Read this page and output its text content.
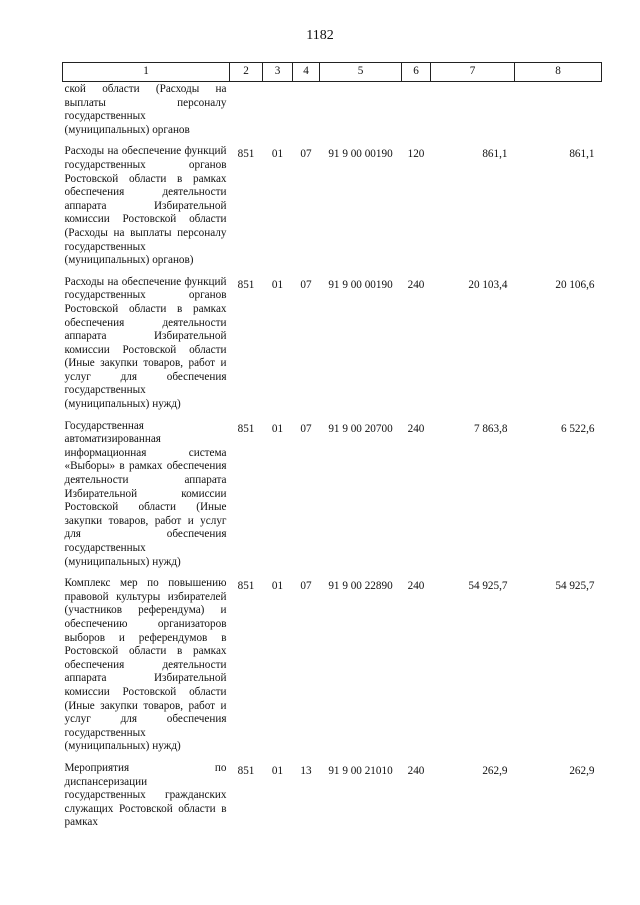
1182
1	2	3	4	5	6	7	8
ской области (Расходы на выплаты персоналу государственных (муниципальных) органов							
Расходы на обеспечение функций государственных органов Ростовской области в рамках обеспечения деятельности аппарата Избирательной комиссии Ростовской области (Расходы на выплаты персоналу государственных (муниципальных) органов)	851	01	07	91 9 00 00190	120	861,1	861,1
Расходы на обеспечение функций государственных органов Ростовской области в рамках обеспечения деятельности аппарата Избирательной комиссии Ростовской области (Иные закупки товаров, работ и услуг для обеспечения государственных (муниципальных) нужд)	851	01	07	91 9 00 00190	240	20 103,4	20 106,6
Государственная автоматизированная информационная система «Выборы» в рамках обеспечения деятельности аппарата Избирательной комиссии Ростовской области (Иные закупки товаров, работ и услуг для обеспечения государственных (муниципальных) нужд)	851	01	07	91 9 00 20700	240	7 863,8	6 522,6
Комплекс мер по повышению правовой культуры избирателей (участников референдума) и обеспечению организаторов выборов и референдумов в Ростовской области в рамках обеспечения деятельности аппарата Избирательной комиссии Ростовской области (Иные закупки товаров, работ и услуг для обеспечения государственных (муниципальных) нужд)	851	01	07	91 9 00 22890	240	54 925,7	54 925,7
Мероприятия по диспансеризации государственных гражданских служащих Ростовской области в рамках	851	01	13	91 9 00 21010	240	262,9	262,9
